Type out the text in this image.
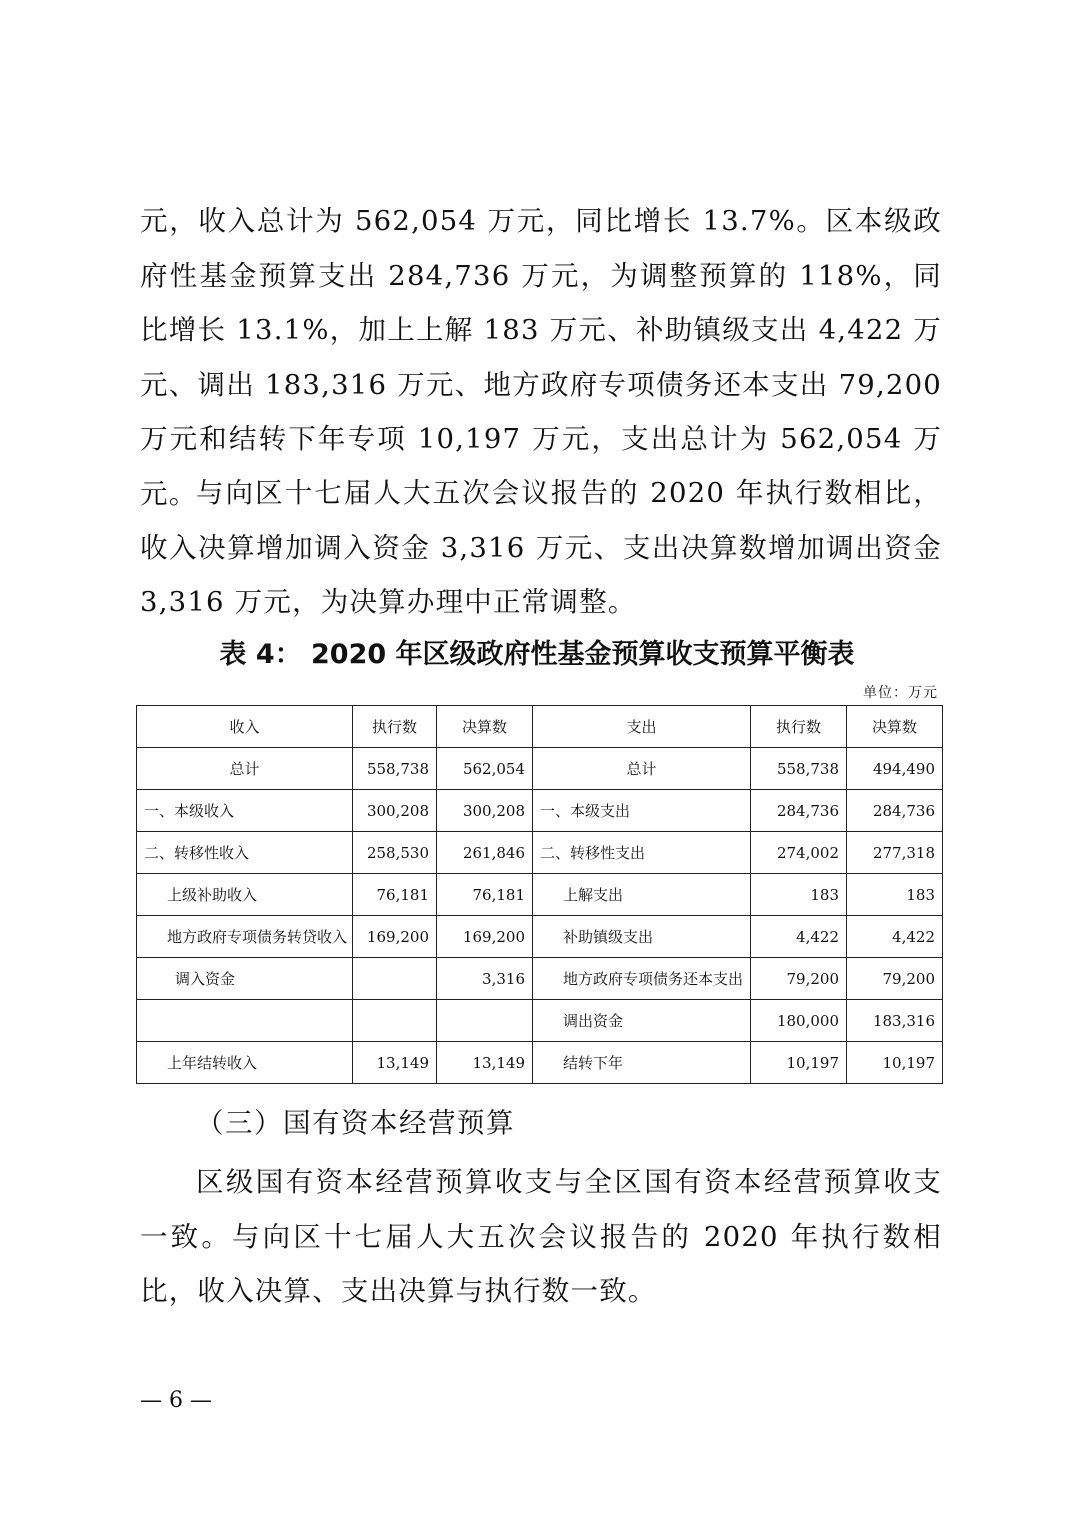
元，收入总计为 562,054 万元，同比增长 13.7%。区本级政府性基金预算支出 284,736 万元，为调整预算的 118%，同比增长 13.1%，加上上解 183 万元、补助镇级支出 4,422 万元、调出 183,316 万元、地方政府专项债务还本支出 79,200 万元和结转下年专项 10,197 万元，支出总计为 562,054 万元。

与向区十七届人大五次会议报告的 2020 年执行数相比，收入决算增加调入资金 3,316 万元、支出决算数增加调出资金 3,316 万元，为决算办理中正常调整。

表 4： 2020 年区级政府性基金预算收支预算平衡表

单位：万元
收入	执行数	决算数	支出	执行数	决算数
总计	558,738	562,054	总计	558,738	494,490
一、本级收入	300,208	300,208	一、本级支出	284,736	284,736
二、转移性收入	258,530	261,846	二、转移性支出	274,002	277,318
上级补助收入	76,181	76,181	上解支出	183	183
地方政府专项债务转贷收入	169,200	169,200	补助镇级支出	4,422	4,422
调入资金		3,316	地方政府专项债务还本支出	79,200	79,200
			调出资金	180,000	183,316
上年结转收入	13,149	13,149	结转下年	10,197	10,197

（三）国有资本经营预算

区级国有资本经营预算收支与全区国有资本经营预算收支一致。与向区十七届人大五次会议报告的 2020 年执行数相比，收入决算、支出决算与执行数一致。

— 6 —
